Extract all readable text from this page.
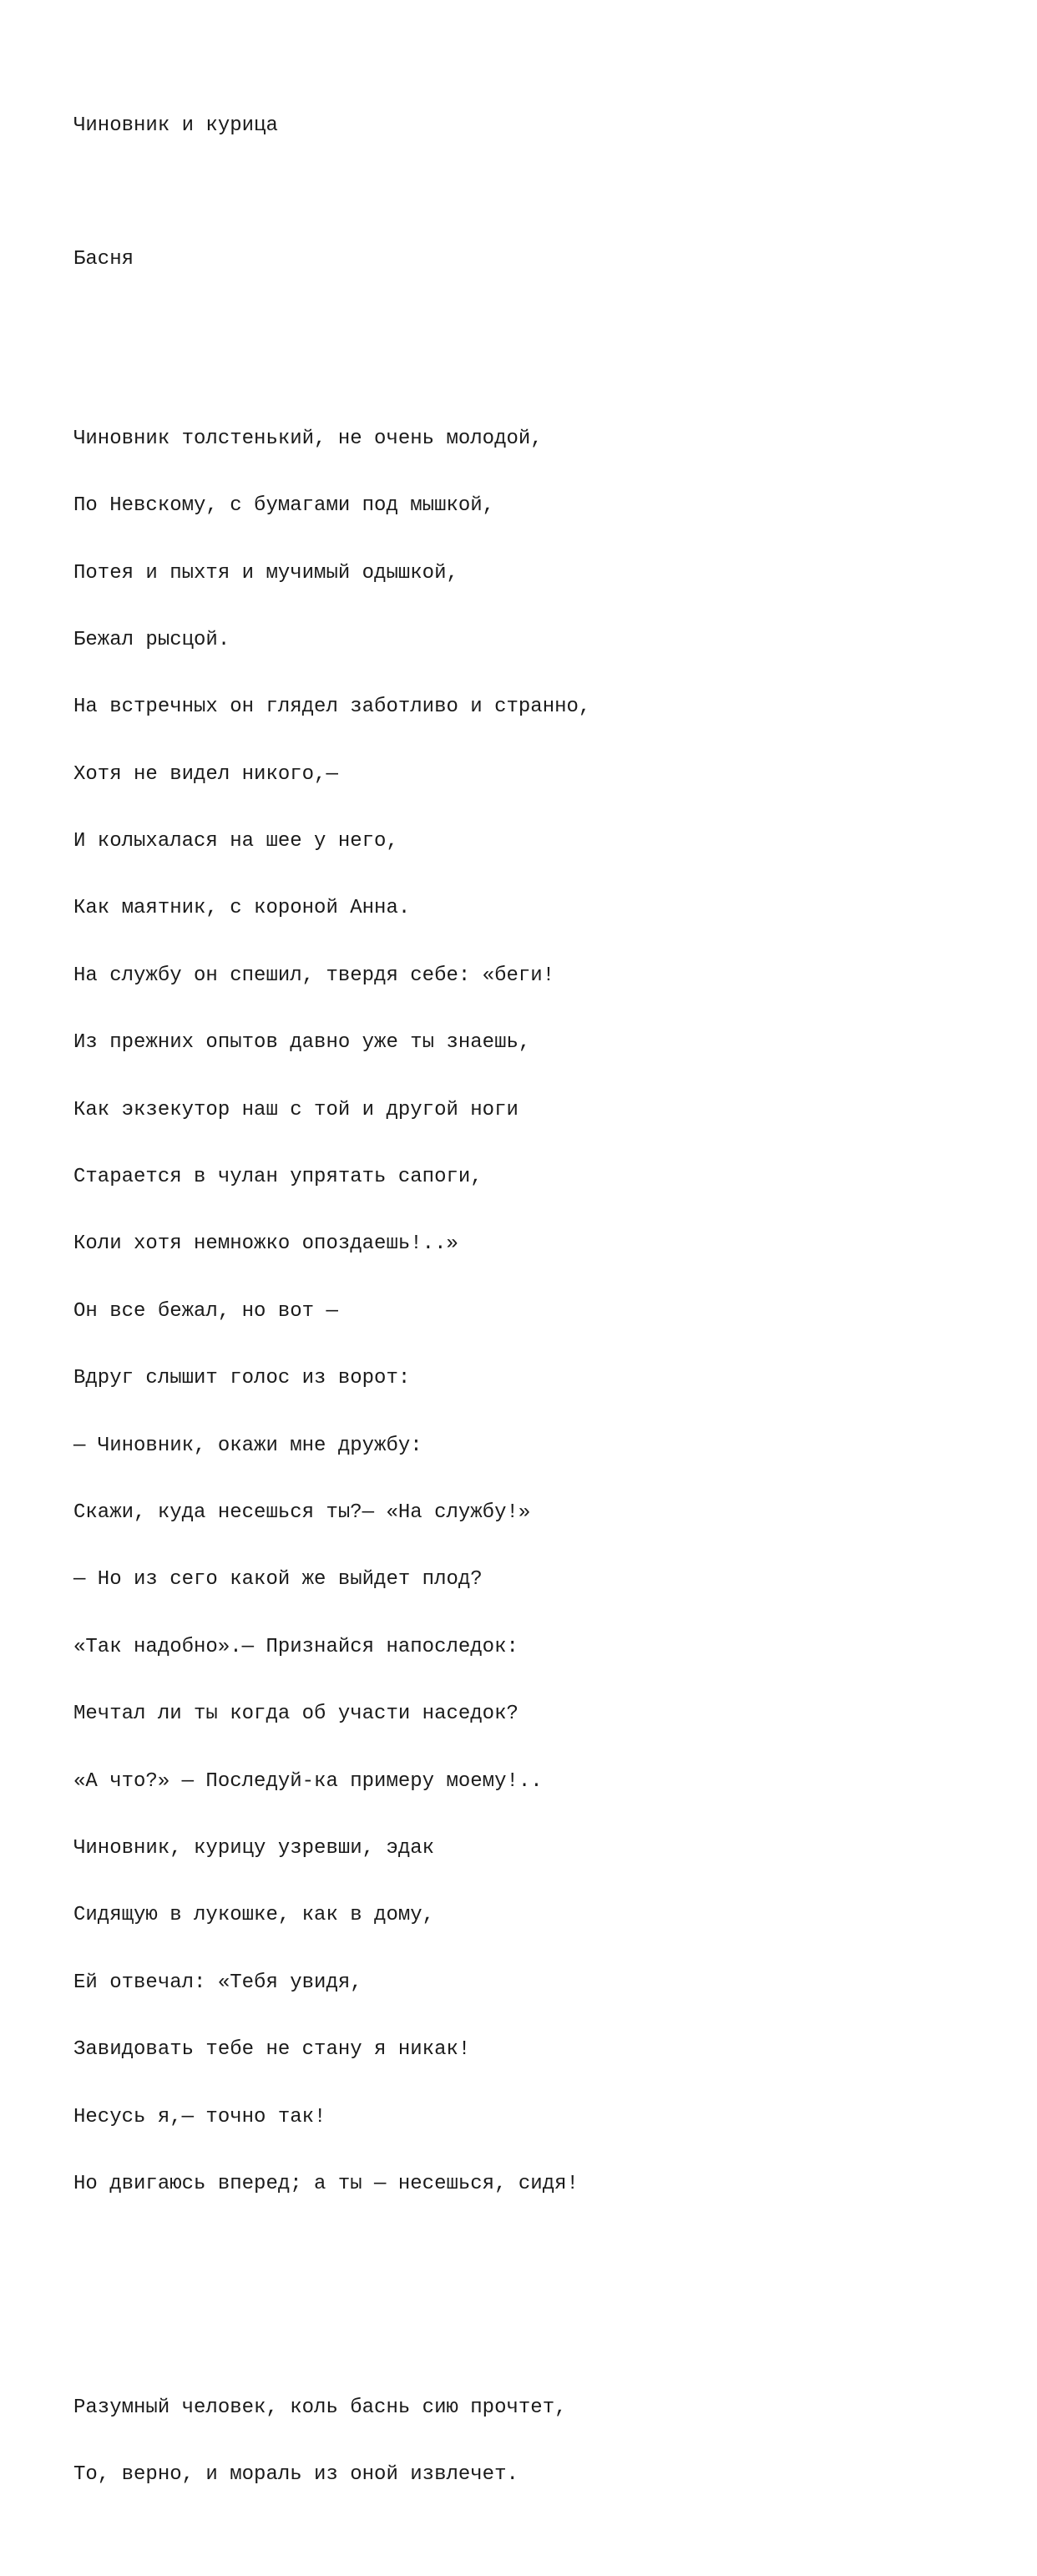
Чиновник и курица

Басня

Чиновник толстенький, не очень молодой,

По Невскому, с бумагами под мышкой,

Потея и пыхтя и мучимый одышкой,

Бежал рысцой.

На встречных он глядел заботливо и странно,

Хотя не видел никого,—

И колыхалася на шее у него,

Как маятник, с короной Анна.

На службу он спешил, твердя себе: «беги!

Из прежних опытов давно уже ты знаешь,

Как экзекутор наш с той и другой ноги

Старается в чулан упрятать сапоги,

Коли хотя немножко опоздаешь!..»

Он все бежал, но вот —

Вдруг слышит голос из ворот:

— Чиновник, окажи мне дружбу:

Скажи, куда несешься ты?— «На службу!»

— Но из сего какой же выйдет плод?

«Так надобно».— Признайся напоследок:

Мечтал ли ты когда об участи наседок?

«А что?» — Последуй-ка примеру моему!..

Чиновник, курицу узревши, эдак

Сидящую в лукошке, как в дому,

Ей отвечал: «Тебя увидя,

Завидовать тебе не стану я никак!

Несусь я,— точно так!

Но двигаюсь вперед; а ты — несешься, сидя!

Разумный человек, коль баснь сию прочтет,

То, верно, и мораль из оной извлечет.
